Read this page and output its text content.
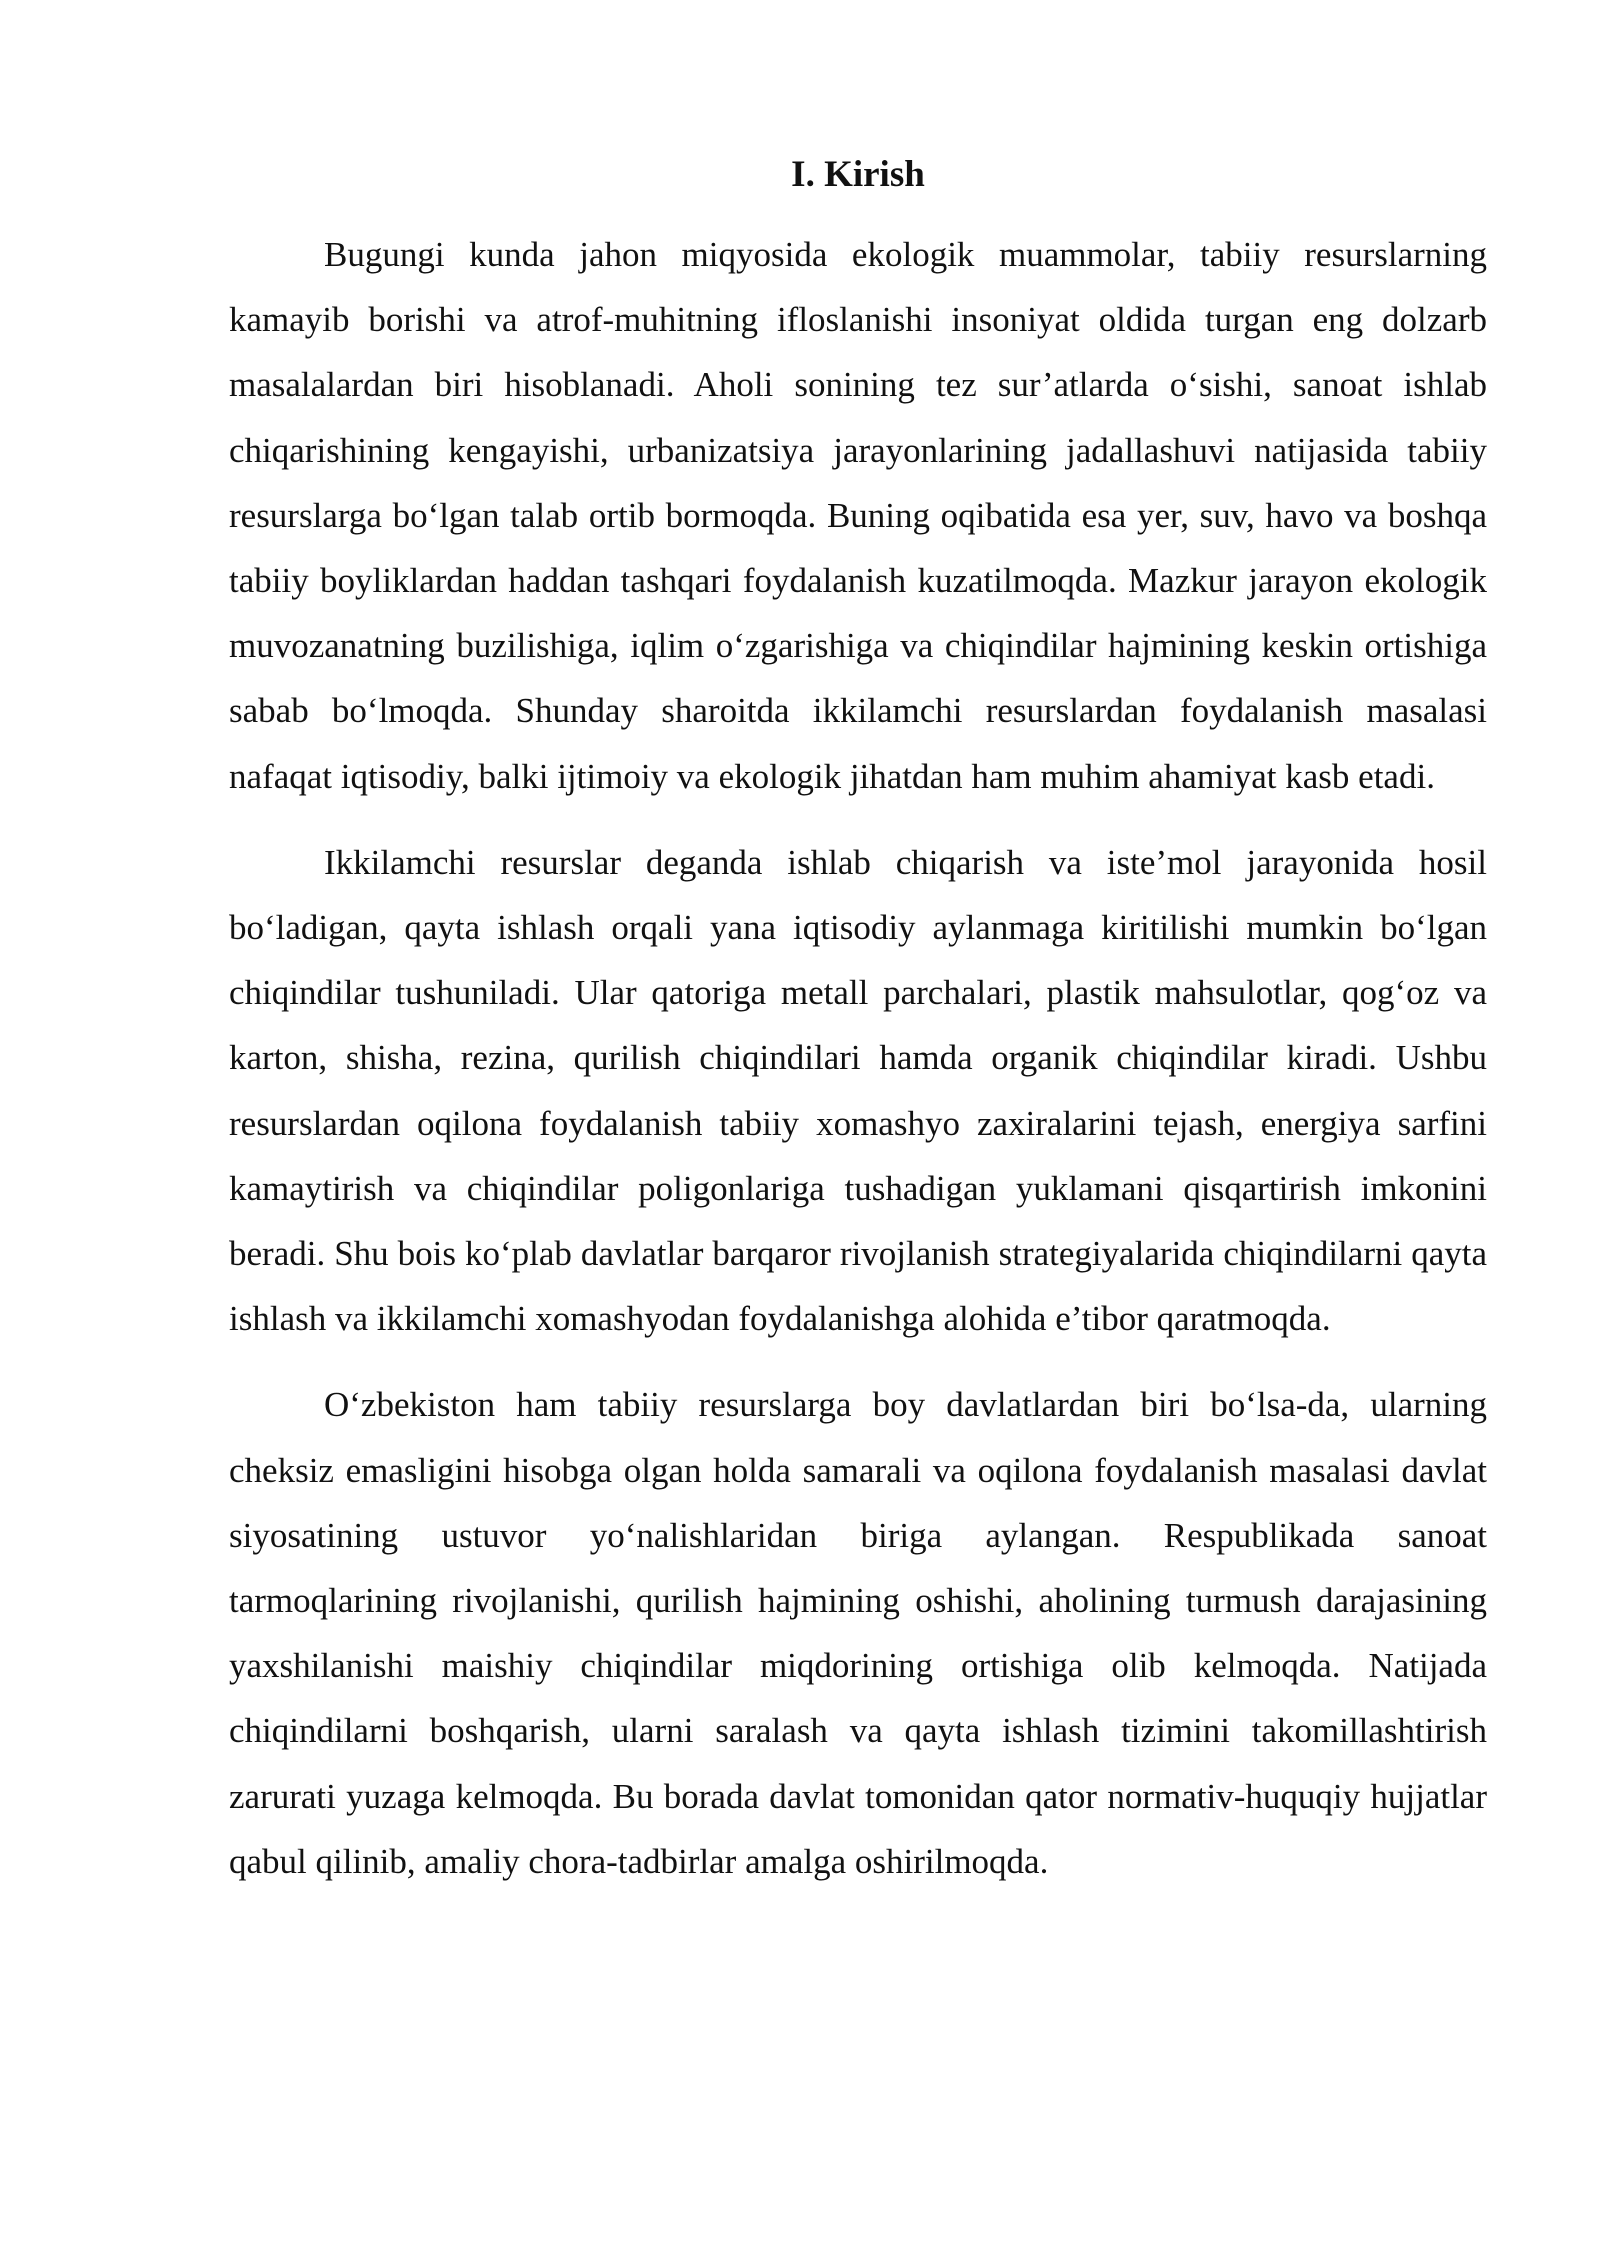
I. Kirish

Bugungi kunda jahon miqyosida ekologik muammolar, tabiiy resurslarning kamayib borishi va atrof-muhitning ifloslanishi insoniyat oldida turgan eng dolzarb masalalardan biri hisoblanadi. Aholi sonining tez sur’atlarda o‘sishi, sanoat ishlab chiqarishining kengayishi, urbanizatsiya jarayonlarining jadallashuvi natijasida tabiiy resurslarga bo‘lgan talab ortib bormoqda. Buning oqibatida esa yer, suv, havo va boshqa tabiiy boyliklardan haddan tashqari foydalanish kuzatilmoqda. Mazkur jarayon ekologik muvozanatning buzilishiga, iqlim o‘zgarishiga va chiqindilar hajmining keskin ortishiga sabab bo‘lmoqda. Shunday sharoitda ikkilamchi resurslardan foydalanish masalasi nafaqat iqtisodiy, balki ijtimoiy va ekologik jihatdan ham muhim ahamiyat kasb etadi.

Ikkilamchi resurslar deganda ishlab chiqarish va iste’mol jarayonida hosil bo‘ladigan, qayta ishlash orqali yana iqtisodiy aylanmaga kiritilishi mumkin bo‘lgan chiqindilar tushuniladi. Ular qatoriga metall parchalari, plastik mahsulotlar, qog‘oz va karton, shisha, rezina, qurilish chiqindilari hamda organik chiqindilar kiradi. Ushbu resurslardan oqilona foydalanish tabiiy xomashyo zaxiralarini tejash, energiya sarfini kamaytirish va chiqindilar poligonlariga tushadigan yuklamani qisqartirish imkonini beradi. Shu bois ko‘plab davlatlar barqaror rivojlanish strategiyalarida chiqindilarni qayta ishlash va ikkilamchi xomashyodan foydalanishga alohida e’tibor qaratmoqda.

O‘zbekiston ham tabiiy resurslarga boy davlatlardan biri bo‘lsa-da, ularning cheksiz emasligini hisobga olgan holda samarali va oqilona foydalanish masalasi davlat siyosatining ustuvor yo‘nalishlaridan biriga aylangan. Respublikada sanoat tarmoqlarining rivojlanishi, qurilish hajmining oshishi, aholining turmush darajasining yaxshilanishi maishiy chiqindilar miqdorining ortishiga olib kelmoqda. Natijada chiqindilarni boshqarish, ularni saralash va qayta ishlash tizimini takomillashtirish zarurati yuzaga kelmoqda. Bu borada davlat tomonidan qator normativ-huquqiy hujjatlar qabul qilinib, amaliy chora-tadbirlar amalga oshirilmoqda.
